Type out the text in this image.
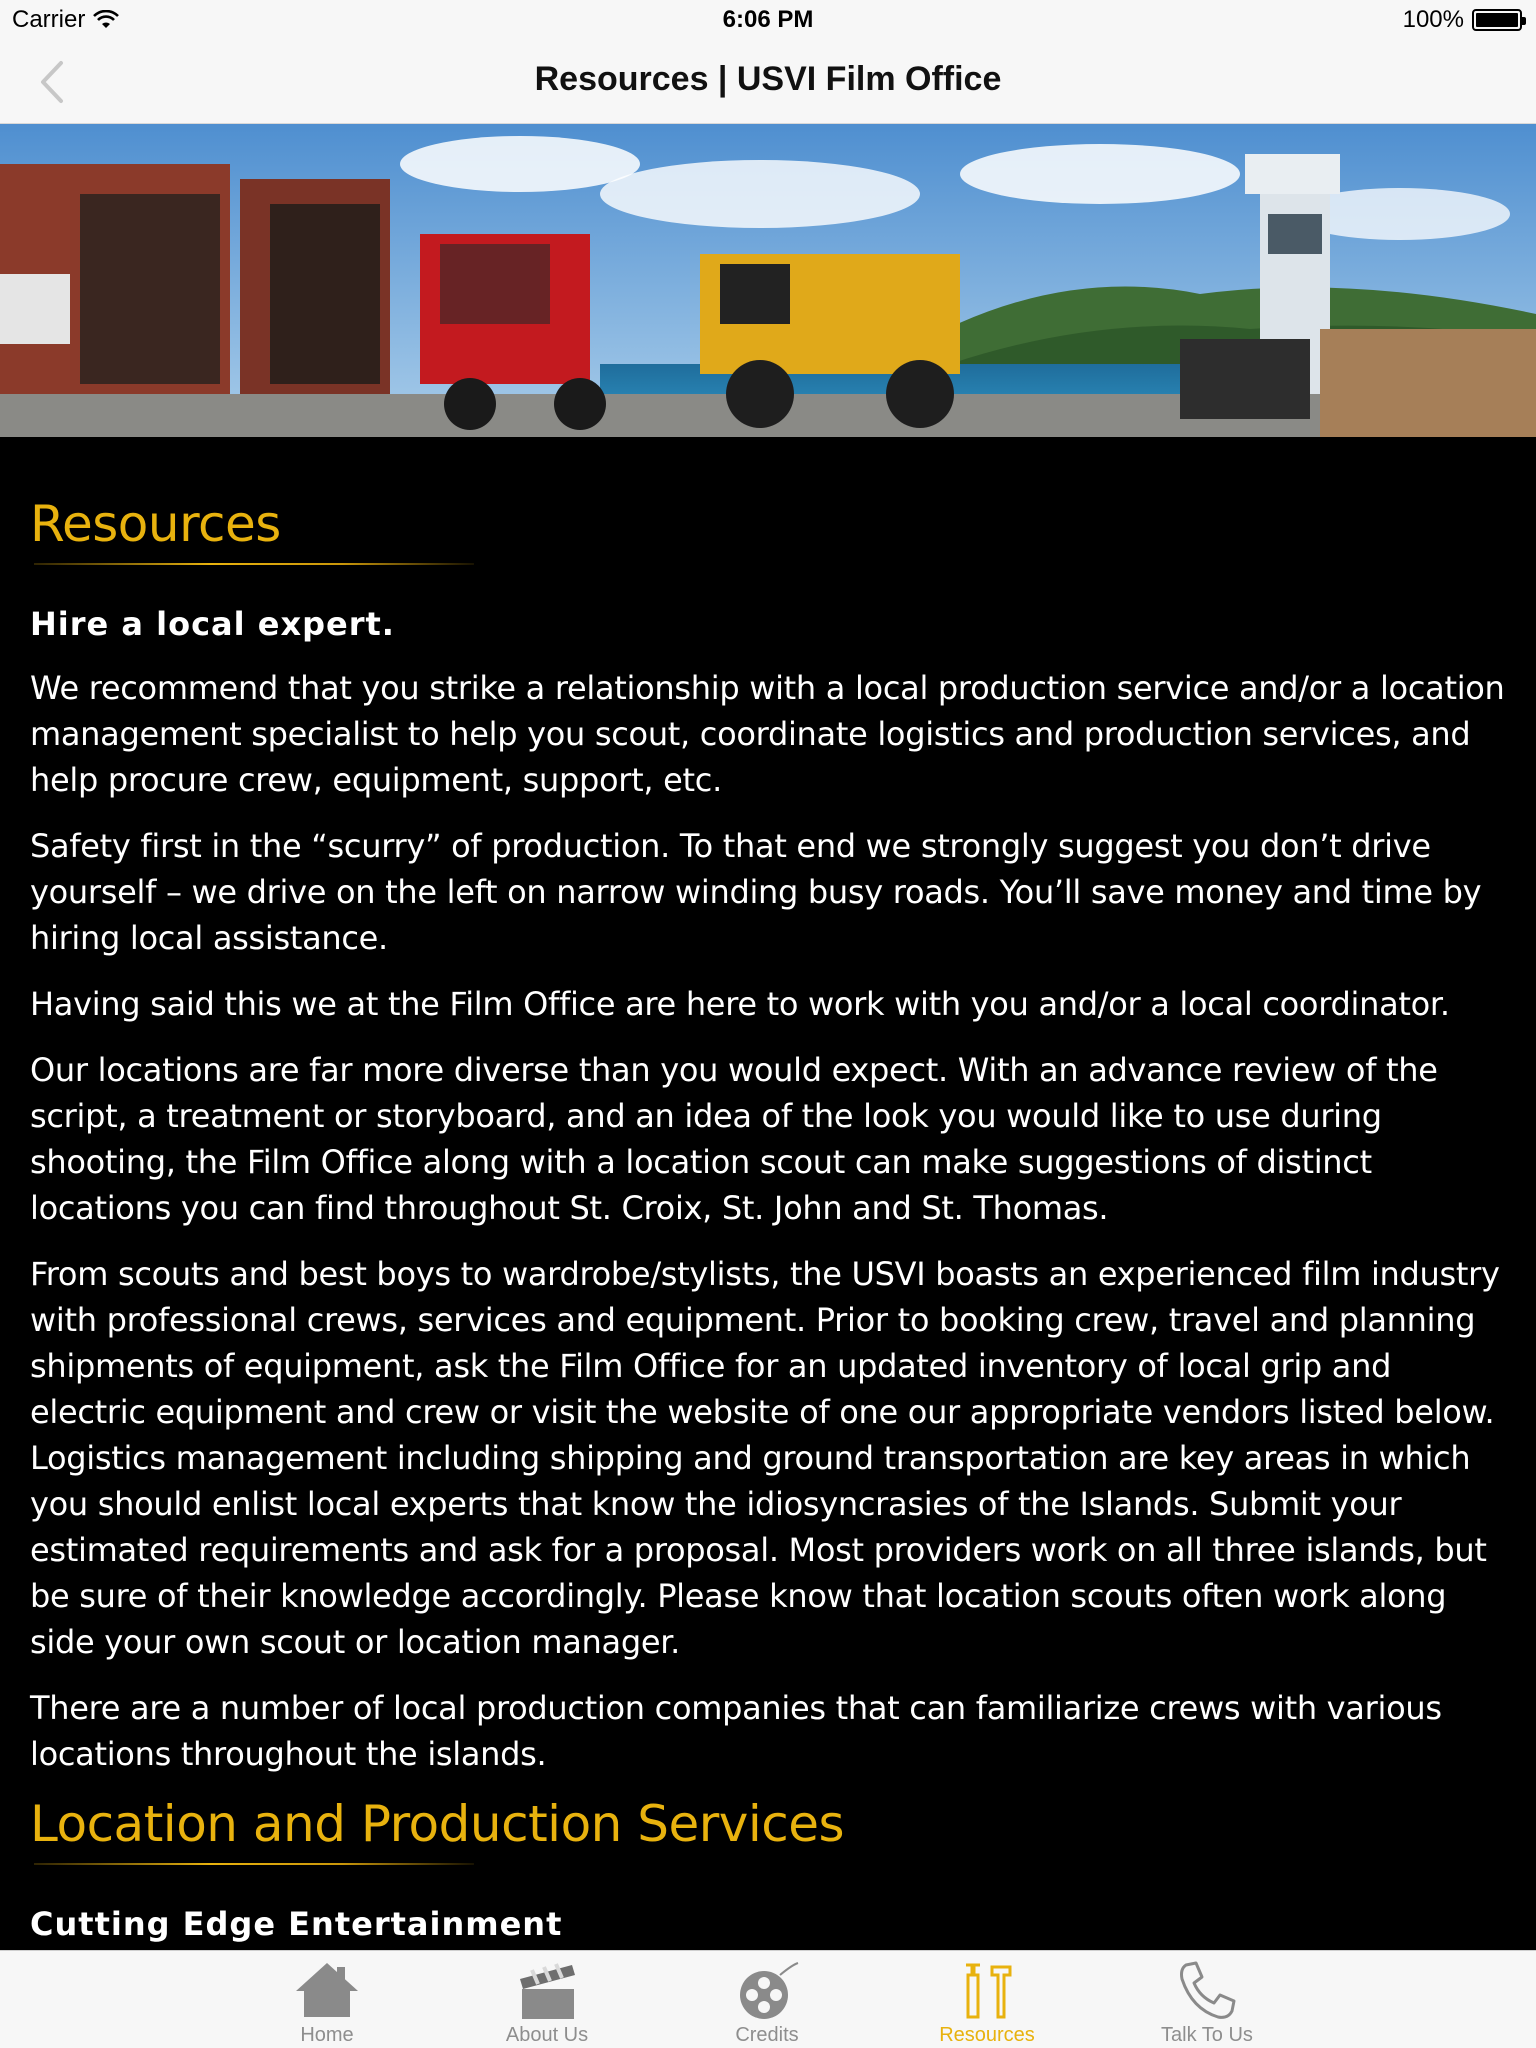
Carrier	6:06 PM	100%
Resources | USVI Film Office
Resources
Hire a local expert.

We recommend that you strike a relationship with a local production service and/or a location management specialist to help you scout, coordinate logistics and production services, and help procure crew, equipment, support, etc.

Safety first in the “scurry” of production. To that end we strongly suggest you don’t drive yourself – we drive on the left on narrow winding busy roads. You’ll save money and time by hiring local assistance.

Having said this we at the Film Office are here to work with you and/or a local coordinator.

Our locations are far more diverse than you would expect. With an advance review of the script, a treatment or storyboard, and an idea of the look you would like to use during shooting, the Film Office along with a location scout can make suggestions of distinct locations you can find throughout St. Croix, St. John and St. Thomas.

From scouts and best boys to wardrobe/stylists, the USVI boasts an experienced film industry with professional crews, services and equipment. Prior to booking crew, travel and planning shipments of equipment, ask the Film Office for an updated inventory of local grip and electric equipment and crew or visit the website of one our appropriate vendors listed below. Logistics management including shipping and ground transportation are key areas in which you should enlist local experts that know the idiosyncrasies of the Islands. Submit your estimated requirements and ask for a proposal. Most providers work on all three islands, but be sure of their knowledge accordingly. Please know that location scouts often work along side your own scout or location manager.

There are a number of local production companies that can familiarize crews with various locations throughout the islands.

Location and Production Services
Cutting Edge Entertainment
Home	About Us	Credits	Resources	Talk To Us
